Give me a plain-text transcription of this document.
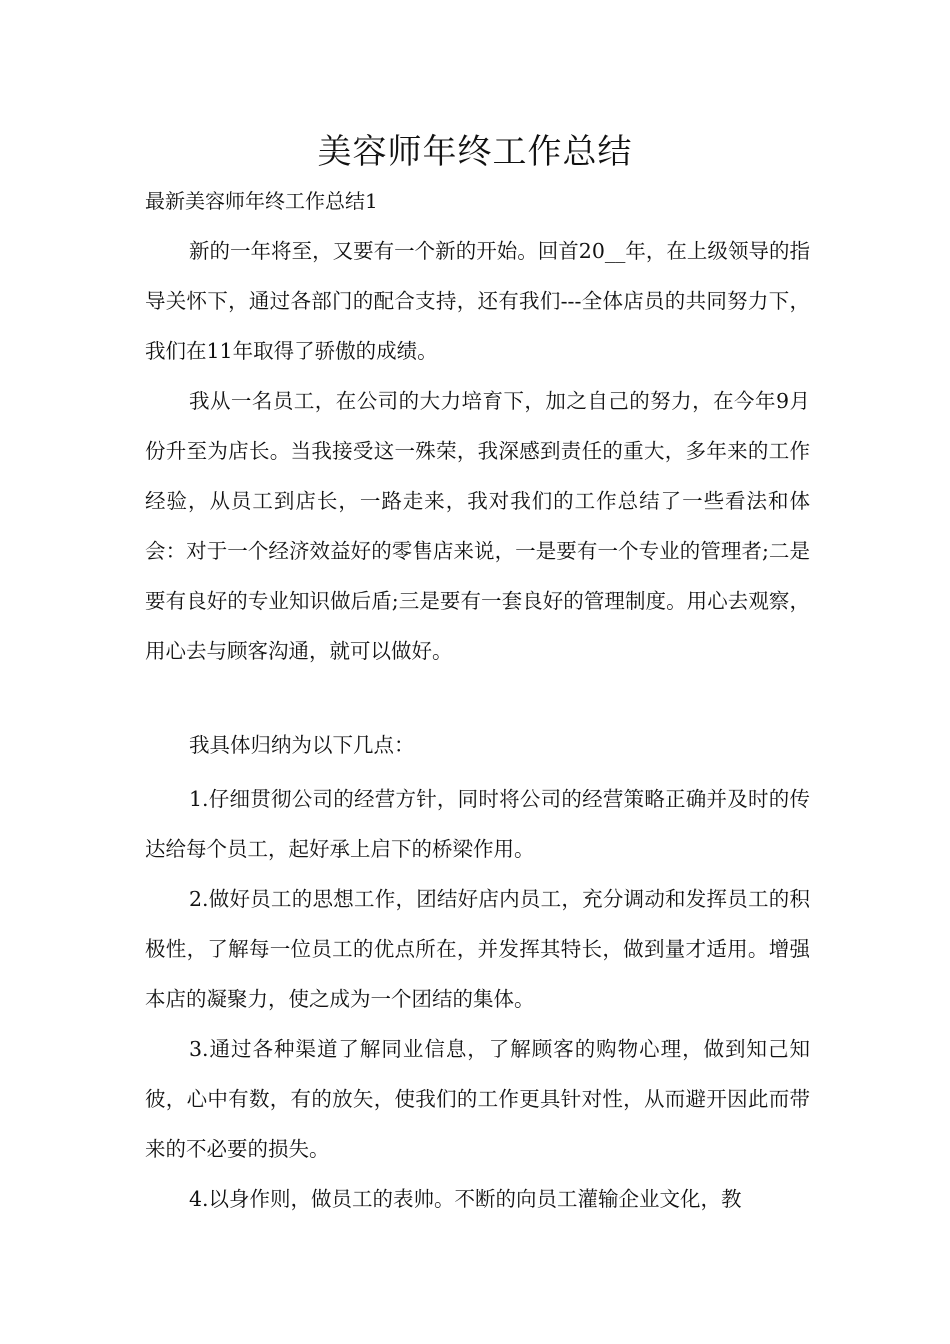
美容师年终工作总结
最新美容师年终工作总结1

新的一年将至，又要有一个新的开始。回首20__年，在上级领导的指导关怀下，通过各部门的配合支持，还有我们---全体店员的共同努力下，我们在11年取得了骄傲的成绩。

我从一名员工，在公司的大力培育下，加之自己的努力，在今年9月份升至为店长。当我接受这一殊荣，我深感到责任的重大，多年来的工作经验，从员工到店长，一路走来，我对我们的工作总结了一些看法和体会：对于一个经济效益好的零售店来说，一是要有一个专业的管理者;二是要有良好的专业知识做后盾;三是要有一套良好的管理制度。用心去观察，用心去与顾客沟通，就可以做好。

我具体归纳为以下几点：

1.仔细贯彻公司的经营方针，同时将公司的经营策略正确并及时的传达给每个员工，起好承上启下的桥梁作用。

2.做好员工的思想工作，团结好店内员工，充分调动和发挥员工的积极性，了解每一位员工的优点所在，并发挥其特长，做到量才适用。增强本店的凝聚力，使之成为一个团结的集体。

3.通过各种渠道了解同业信息，了解顾客的购物心理，做到知己知彼，心中有数，有的放矢，使我们的工作更具针对性，从而避开因此而带来的不必要的损失。

4.以身作则，做员工的表帅。不断的向员工灌输企业文化，教
